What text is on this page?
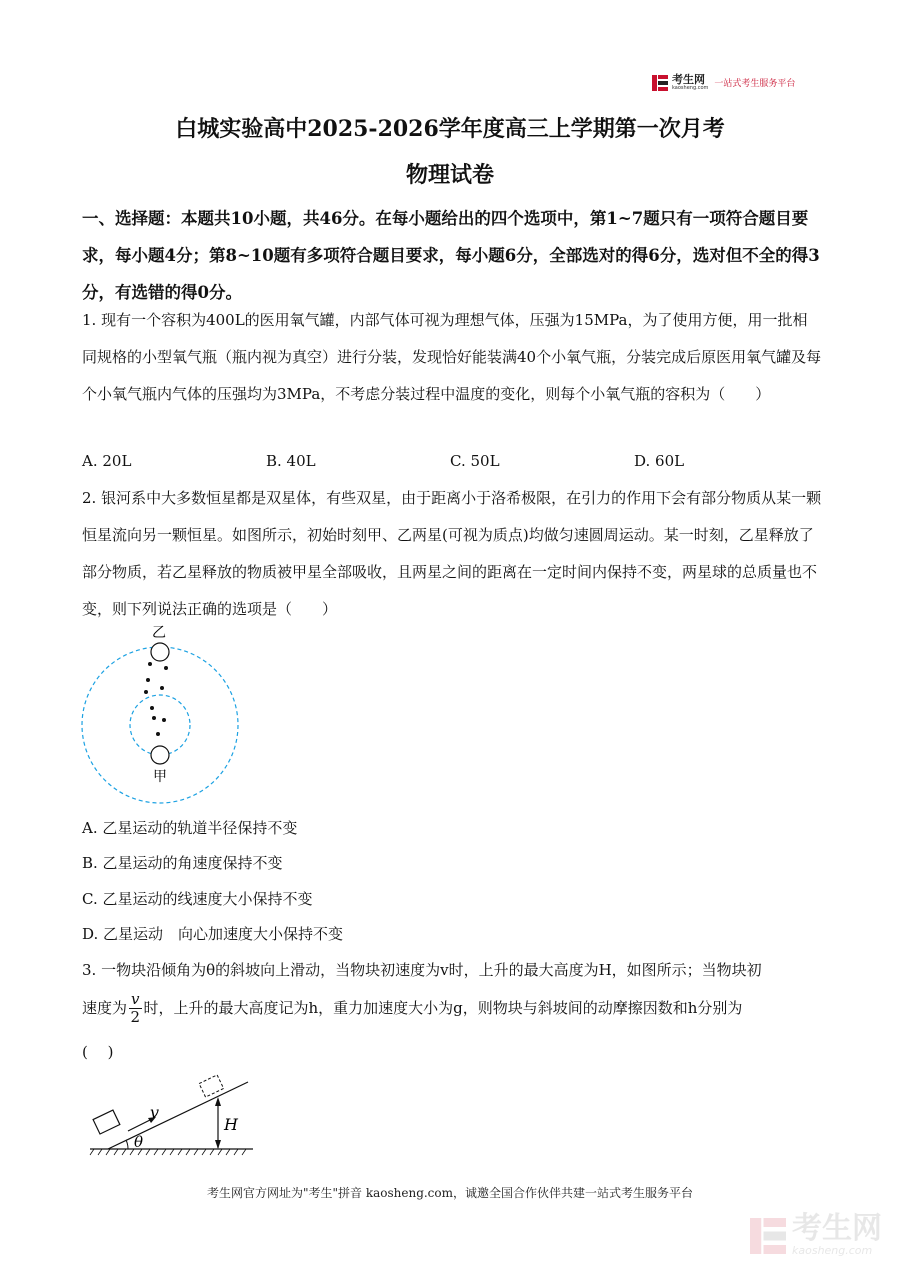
考生网
kaosheng.com 一站式考生服务平台
白城实验高中2025-2026学年度高三上学期第一次月考
物理试卷
一、选择题：本题共10小题，共46分。在每小题给出的四个选项中，第1~7题只有一项符合题目要求，每小题4分；第8~10题有多项符合题目要求，每小题6分，全部选对的得6分，选对但不全的得3分，有选错的得0分。
1. 现有一个容积为400L的医用氧气罐，内部气体可视为理想气体，压强为15MPa，为了使用方便，用一批相同规格的小型氧气瓶（瓶内视为真空）进行分装，发现恰好能装满40个小氧气瓶，分装完成后原医用氧气罐及每个小氧气瓶内气体的压强均为3MPa，不考虑分装过程中温度的变化，则每个小氧气瓶的容积为（　　）
A. 20L	B. 40L	C. 50L	D. 60L
2. 银河系中大多数恒星都是双星体，有些双星，由于距离小于洛希极限，在引力的作用下会有部分物质从某一颗恒星流向另一颗恒星。如图所示，初始时刻甲、乙两星(可视为质点)均做匀速圆周运动。某一时刻，乙星释放了部分物质，若乙星释放的物质被甲星全部吸收，且两星之间的距离在一定时间内保持不变，两星球的总质量也不变，则下列说法正确的选项是（　　）
乙
甲
A. 乙星运动的轨道半径保持不变
B. 乙星运动的角速度保持不变
C. 乙星运动的线速度大小保持不变
D. 乙星运动　向心加速度大小保持不变
3. 一物块沿倾角为θ的斜坡向上滑动，当物块初速度为v时，上升的最大高度为H，如图所示；当物块初
速度为 $\frac{v}{2}$ 时，上升的最大高度记为h，重力加速度大小为g，则物块与斜坡间的动摩擦因数和h分别为
(　 )
v
H
θ
考生网官方网址为"考生"拼音 kaosheng.com，诚邀全国合作伙伴共建一站式考生服务平台
考生网
kaosheng.com
